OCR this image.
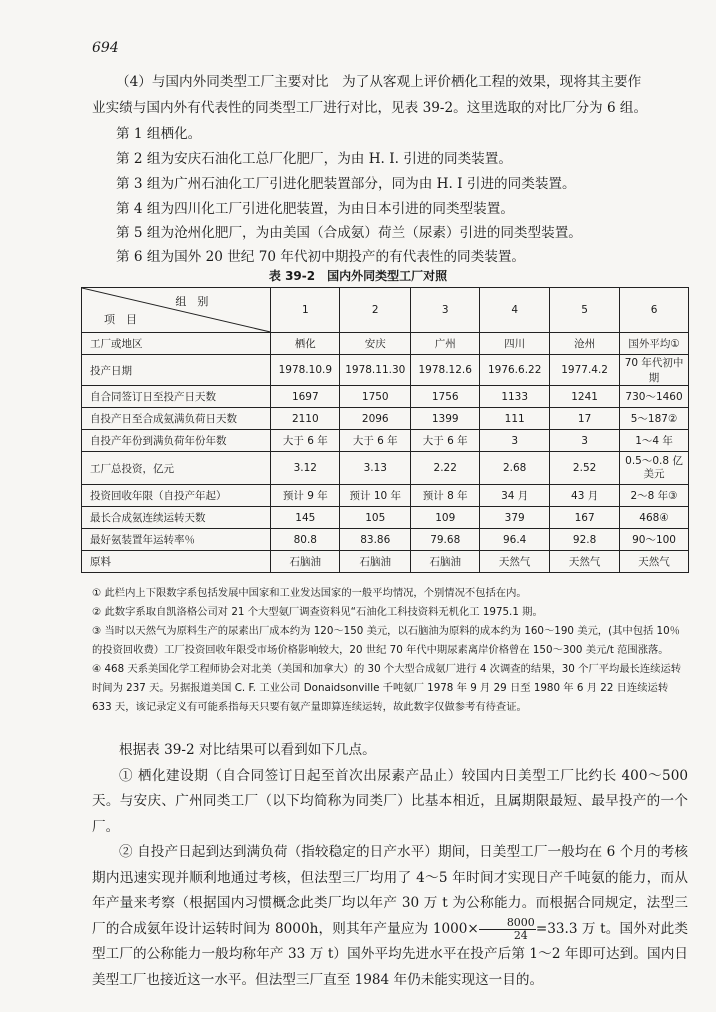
694
（4）与国内外同类型工厂主要对比　为了从客观上评价栖化工程的效果，现将其主要作
业实绩与国内外有代表性的同类型工厂进行对比，见表 39-2。这里选取的对比厂分为 6 组。
第 1 组栖化。
第 2 组为安庆石油化工总厂化肥厂，为由 H. I. 引进的同类装置。
第 3 组为广州石油化工厂引进化肥装置部分，同为由 H. I 引进的同类装置。
第 4 组为四川化工厂引进化肥装置，为由日本引进的同类型装置。
第 5 组为沧州化肥厂，为由美国（合成氨）荷兰（尿素）引进的同类型装置。
第 6 组为国外 20 世纪 70 年代初中期投产的有代表性的同类装置。
表 39-2　国内外同类型工厂对照
组　别
项　目	1	2	3	4	5	6
工厂或地区	栖化	安庆	广州	四川	沧州	国外平均①
投产日期	1978.10.9	1978.11.30	1978.12.6	1976.6.22	1977.4.2	70 年代初中期
自合同签订日至投产日天数	1697	1750	1756	1133	1241	730～1460
自投产日至合成氨满负荷日天数	2110	2096	1399	111	17	5～187②
自投产年份到满负荷年份年数	大于 6 年	大于 6 年	大于 6 年	3	3	1～4 年
工厂总投资，亿元	3.12	3.13	2.22	2.68	2.52	0.5～0.8 亿美元
投资回收年限（自投产年起）	预计 9 年	预计 10 年	预计 8 年	34 月	43 月	2～8 年③
最长合成氨连续运转天数	145	105	109	379	167	468④
最好氨装置年运转率％	80.8	83.86	79.68	96.4	92.8	90～100
原料	石脑油	石脑油	石脑油	天然气	天然气	天然气

① 此栏内上下限数字系包括发展中国家和工业发达国家的一般平均情况，个别情况不包括在内。

② 此数字系取自凯洛格公司对 21 个大型氨厂调查资料见“石油化工科技资料无机化工 1975.1 期。

③ 当时以天然气为原料生产的尿素出厂成本约为 120～150 美元，以石脑油为原料的成本约为 160～190 美元，(其中包括 10％的投资回收费）工厂投资回收年限受市场价格影响较大，20 世纪 70 年代中期尿素离岸价格曾在 150～300 美元/t 范围涨落。

④ 468 天系美国化学工程师协会对北美（美国和加拿大）的 30 个大型合成氨厂进行 4 次调查的结果，30 个厂平均最长连续运转时间为 237 天。另据报道美国 C. F. 工业公司 Donaidsonville 千吨氨厂 1978 年 9 月 29 日至 1980 年 6 月 22 日连续运转 633 天，该记录定义有可能系指每天只要有氨产量即算连续运转，故此数字仅做参考有待查证。

根据表 39-2 对比结果可以看到如下几点。

① 栖化建设期（自合同签订日起至首次出尿素产品止）较国内日美型工厂比约长 400～500 天。与安庆、广州同类工厂（以下均简称为同类厂）比基本相近，且属期限最短、最早投产的一个厂。

② 自投产日起到达到满负荷（指较稳定的日产水平）期间，日美型工厂一般均在 6 个月的考核期内迅速实现并顺利地通过考核，但法型三厂均用了 4～5 年时间才实现日产千吨氨的能力，而从年产量来考察（根据国内习惯概念此类厂均以年产 30 万 t 为公称能力。而根据合同规定，法型三厂的合成氨年设计运转时间为 8000h，则其年产量应为 $1000\times \frac{8000}{24} =33.3$ 万 t。国外对此类型工厂的公称能力一般均称年产 33 万 t）国外平均先进水平在投产后第 1～2 年即可达到。国内日美型工厂也接近这一水平。但法型三厂直至 1984 年仍未能实现这一目的。
